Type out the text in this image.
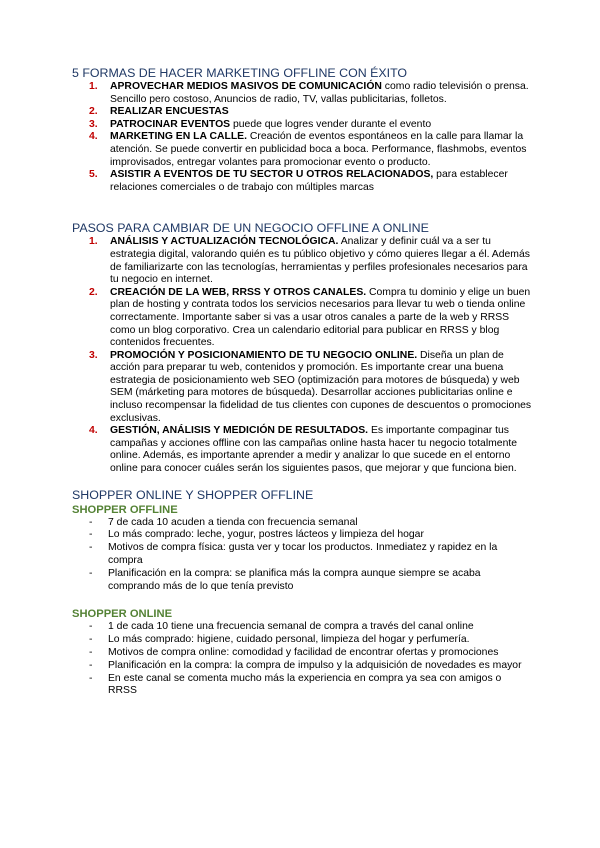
5 FORMAS DE HACER MARKETING OFFLINE CON ÉXITO
1. APROVECHAR MEDIOS MASIVOS DE COMUNICACIÓN como radio televisión o prensa. Sencillo pero costoso, Anuncios de radio, TV, vallas publicitarias, folletos.
2. REALIZAR ENCUESTAS
3. PATROCINAR EVENTOS puede que logres vender durante el evento
4. MARKETING EN LA CALLE. Creación de eventos espontáneos en la calle para llamar la atención. Se puede convertir en publicidad boca a boca. Performance, flashmobs, eventos improvisados, entregar volantes para promocionar evento o producto.
5. ASISTIR A EVENTOS DE TU SECTOR U OTROS RELACIONADOS, para establecer relaciones comerciales o de trabajo con múltiples marcas
PASOS PARA CAMBIAR DE UN NEGOCIO OFFLINE A ONLINE
1. ANÁLISIS Y ACTUALIZACIÓN TECNOLÓGICA. Analizar y definir cuál va a ser tu estrategia digital, valorando quién es tu público objetivo y cómo quieres llegar a él. Además de familiarizarte con las tecnologías, herramientas y perfiles profesionales necesarios para tu negocio en internet.
2. CREACIÓN DE LA WEB, RRSS Y OTROS CANALES. Compra tu dominio y elige un buen plan de hosting y contrata todos los servicios necesarios para llevar tu web o tienda online correctamente. Importante saber si vas a usar otros canales a parte de la web y RRSS como un blog corporativo. Crea un calendario editorial para publicar en RRSS y blog contenidos frecuentes.
3. PROMOCIÓN Y POSICIONAMIENTO DE TU NEGOCIO ONLINE. Diseña un plan de acción para preparar tu web, contenidos y promoción. Es importante crear una buena estrategia de posicionamiento web SEO (optimización para motores de búsqueda) y web SEM (márketing para motores de búsqueda). Desarrollar acciones publicitarias online e incluso recompensar la fidelidad de tus clientes con cupones de descuentos o promociones exclusivas.
4. GESTIÓN, ANÁLISIS Y MEDICIÓN DE RESULTADOS. Es importante compaginar tus campañas y acciones offline con las campañas online hasta hacer tu negocio totalmente online. Además, es importante aprender a medir y analizar lo que sucede en el entorno online para conocer cuáles serán los siguientes pasos, que mejorar y que funciona bien.
SHOPPER ONLINE Y SHOPPER OFFLINE
SHOPPER OFFLINE
- 7 de cada 10 acuden a tienda con frecuencia semanal
- Lo más comprado: leche, yogur, postres lácteos y limpieza del hogar
- Motivos de compra física: gusta ver y tocar los productos. Inmediatez y rapidez en la compra
- Planificación en la compra: se planifica más la compra aunque siempre se acaba comprando más de lo que tenía previsto
SHOPPER ONLINE
- 1 de cada 10 tiene una frecuencia semanal de compra a través del canal online
- Lo más comprado: higiene, cuidado personal, limpieza del hogar y perfumería.
- Motivos de compra online: comodidad y facilidad de encontrar ofertas y promociones
- Planificación en la compra: la compra de impulso y la adquisición de novedades es mayor
- En este canal se comenta mucho más la experiencia en compra ya sea con amigos o RRSS
